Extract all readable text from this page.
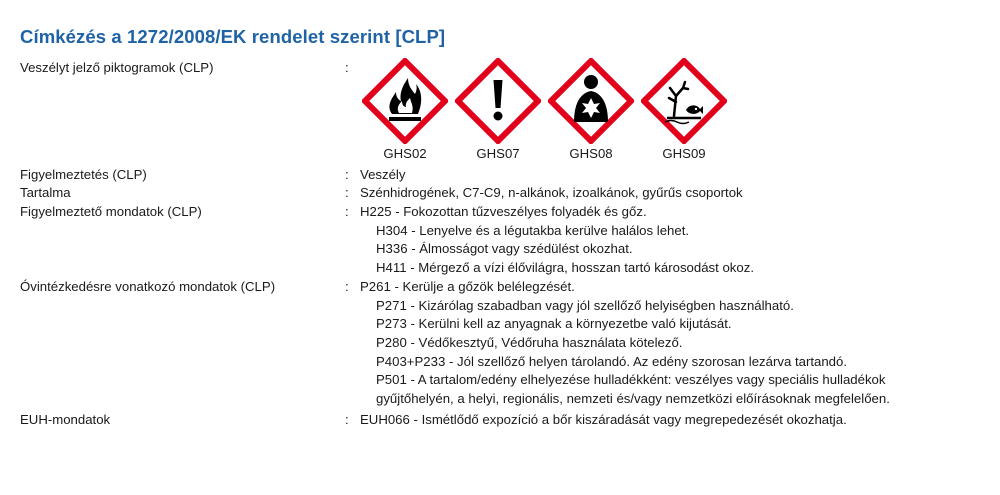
Címkézés a 1272/2008/EK rendelet szerint [CLP]
Veszélyt jelző piktogramok (CLP)	:
GHS02	GHS07	GHS08	GHS09
Figyelmeztetés (CLP)	: Veszély
Tartalma	: Szénhidrogének, C7-C9, n-alkánok, izoalkánok, gyűrűs csoportok
Figyelmeztető mondatok (CLP)	: H225 - Fokozottan tűzveszélyes folyadék és gőz.
H304 - Lenyelve és a légutakba kerülve halálos lehet.
H336 - Álmosságot vagy szédülést okozhat.
H411 - Mérgező a vízi élővilágra, hosszan tartó károsodást okoz.
Óvintézkedésre vonatkozó mondatok (CLP)	: P261 - Kerülje a gőzök belélegzését.
P271 - Kizárólag szabadban vagy jól szellőző helyiségben használható.
P273 - Kerülni kell az anyagnak a környezetbe való kijutását.
P280 - Védőkesztyű, Védőruha használata kötelező.
P403+P233 - Jól szellőző helyen tárolandó. Az edény szorosan lezárva tartandó.
P501 - A tartalom/edény elhelyezése hulladékként: veszélyes vagy speciális hulladékok
gyűjtőhelyén, a helyi, regionális, nemzeti és/vagy nemzetközi előírásoknak megfelelően.
EUH-mondatok	: EUH066 - Ismétlődő expozíció a bőr kiszáradását vagy megrepedezését okozhatja.
